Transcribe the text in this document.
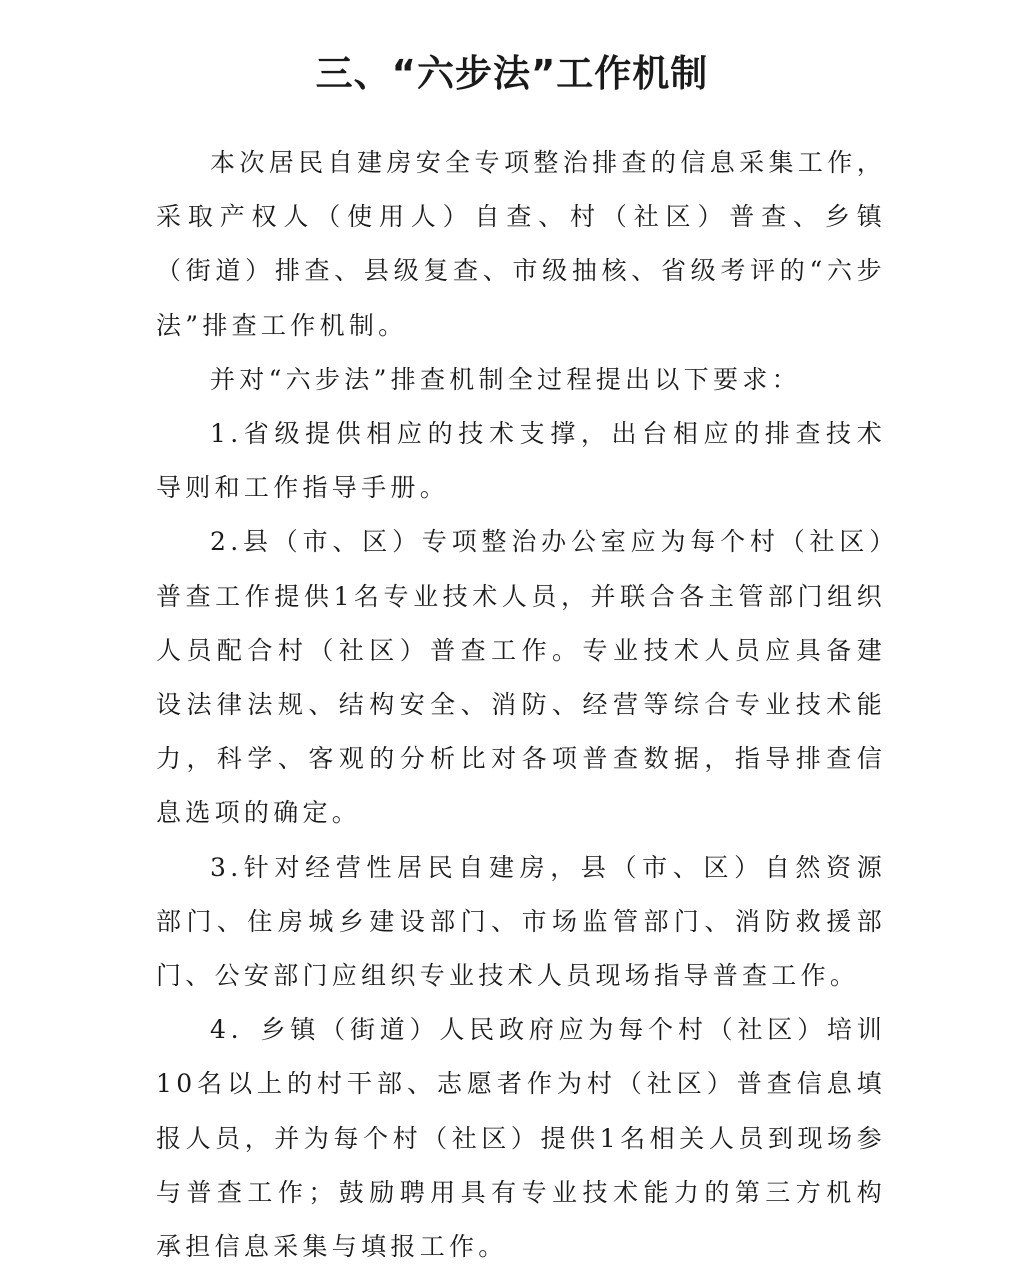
三、“六步法”工作机制

本次居民自建房安全专项整治排查的信息采集工作，采取产权人（使用人）自查、村（社区）普查、乡镇（街道）排查、县级复查、市级抽核、省级考评的“六步法”排查工作机制。

并对“六步法”排查机制全过程提出以下要求：

1.省级提供相应的技术支撑，出台相应的排查技术导则和工作指导手册。

2.县（市、区）专项整治办公室应为每个村（社区）普查工作提供1名专业技术人员，并联合各主管部门组织人员配合村（社区）普查工作。专业技术人员应具备建设法律法规、结构安全、消防、经营等综合专业技术能力，科学、客观的分析比对各项普查数据，指导排查信息选项的确定。

3.针对经营性居民自建房，县（市、区）自然资源部门、住房城乡建设部门、市场监管部门、消防救援部门、公安部门应组织专业技术人员现场指导普查工作。

4．乡镇（街道）人民政府应为每个村（社区）培训10名以上的村干部、志愿者作为村（社区）普查信息填报人员，并为每个村（社区）提供1名相关人员到现场参与普查工作；鼓励聘用具有专业技术能力的第三方机构承担信息采集与填报工作。
